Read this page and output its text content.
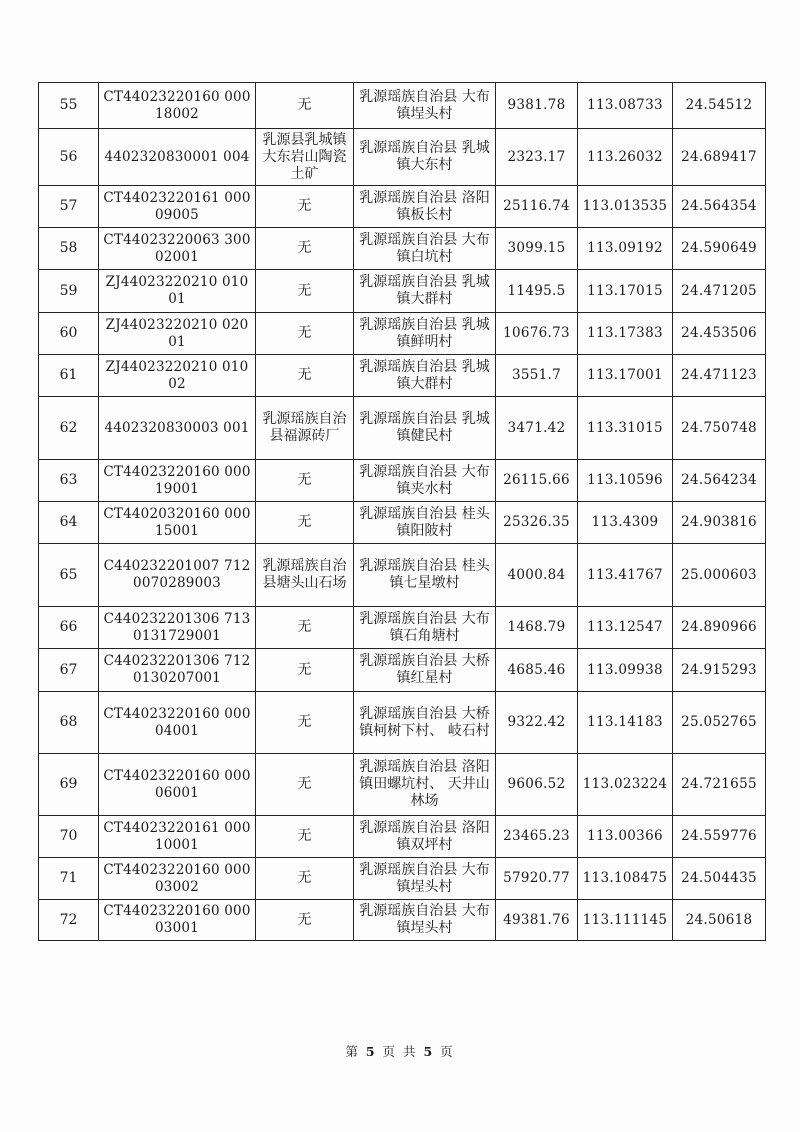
55	CT44023220160 00018002	无	乳源瑶族自治县 大布镇埕头村	9381.78	113.08733	24.54512
56	4402320830001 004	乳源县乳城镇大东岩山陶瓷土矿	乳源瑶族自治县 乳城镇大东村	2323.17	113.26032	24.689417
57	CT44023220161 00009005	无	乳源瑶族自治县 洛阳镇板长村	25116.74	113.013535	24.564354
58	CT44023220063 30002001	无	乳源瑶族自治县 大布镇白坑村	3099.15	113.09192	24.590649
59	ZJ44023220210 01001	无	乳源瑶族自治县 乳城镇大群村	11495.5	113.17015	24.471205
60	ZJ44023220210 02001	无	乳源瑶族自治县 乳城镇鲜明村	10676.73	113.17383	24.453506
61	ZJ44023220210 01002	无	乳源瑶族自治县 乳城镇大群村	3551.7	113.17001	24.471123
62	4402320830003 001	乳源瑶族自治县福源砖厂	乳源瑶族自治县 乳城镇健民村	3471.42	113.31015	24.750748
63	CT44023220160 00019001	无	乳源瑶族自治县 大布镇夹水村	26115.66	113.10596	24.564234
64	CT44020320160 00015001	无	乳源瑶族自治县 桂头镇阳陂村	25326.35	113.4309	24.903816
65	C440232201007 7120070289003	乳源瑶族自治县塘头山石场	乳源瑶族自治县 桂头镇七星墩村	4000.84	113.41767	25.000603
66	C440232201306 7130131729001	无	乳源瑶族自治县 大布镇石角塘村	1468.79	113.12547	24.890966
67	C440232201306 7120130207001	无	乳源瑶族自治县 大桥镇红星村	4685.46	113.09938	24.915293
68	CT44023220160 00004001	无	乳源瑶族自治县 大桥镇柯树下村、 岐石村	9322.42	113.14183	25.052765
69	CT44023220160 00006001	无	乳源瑶族自治县 洛阳镇田螺坑村、 天井山林场	9606.52	113.023224	24.721655
70	CT44023220161 00010001	无	乳源瑶族自治县 洛阳镇双坪村	23465.23	113.00366	24.559776
71	CT44023220160 00003002	无	乳源瑶族自治县 大布镇埕头村	57920.77	113.108475	24.504435
72	CT44023220160 00003001	无	乳源瑶族自治县 大布镇埕头村	49381.76	113.111145	24.50618
第 5 页 共 5 页
